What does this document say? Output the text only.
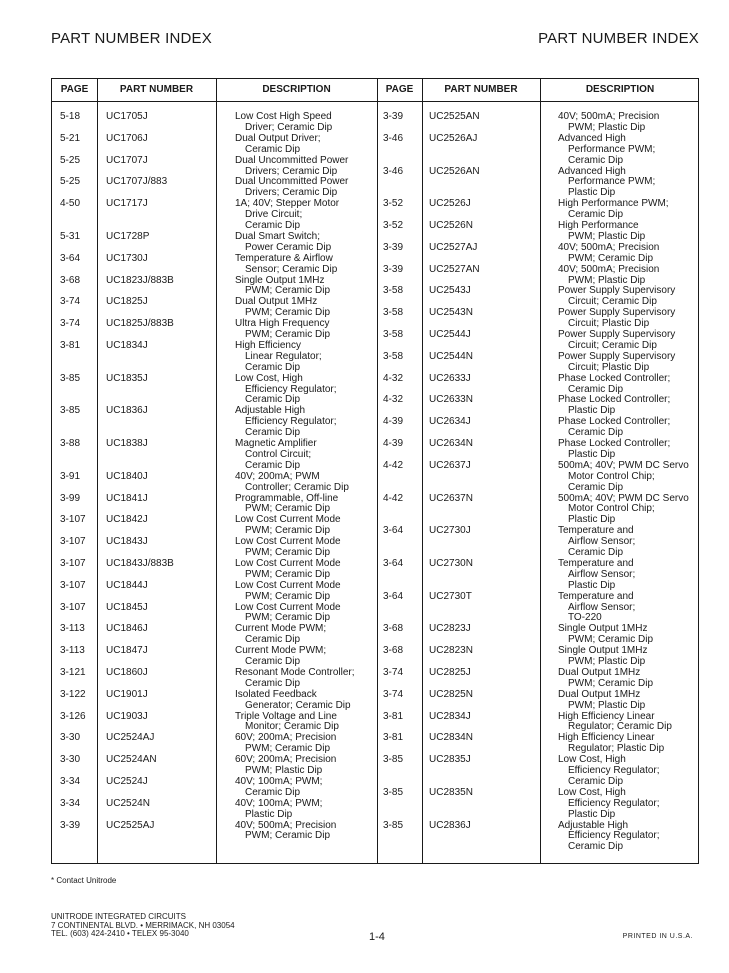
PART NUMBER INDEX	PART NUMBER INDEX
PAGE	PART NUMBER	DESCRIPTION	PAGE	PART NUMBER	DESCRIPTION
5-18	UC1705J	Low Cost High Speed
Driver; Ceramic Dip
5-21	UC1706J	Dual Output Driver;
Ceramic Dip
5-25	UC1707J	Dual Uncommitted Power
Drivers; Ceramic Dip
5-25	UC1707J/883	Dual Uncommitted Power
Drivers; Ceramic Dip
4-50	UC1717J	1A; 40V; Stepper Motor
Drive Circuit;
Ceramic Dip
5-31	UC1728P	Dual Smart Switch;
Power Ceramic Dip
3-64	UC1730J	Temperature & Airflow
Sensor; Ceramic Dip
3-68	UC1823J/883B	Single Output 1MHz
PWM; Ceramic Dip
3-74	UC1825J	Dual Output 1MHz
PWM; Ceramic Dip
3-74	UC1825J/883B	Ultra High Frequency
PWM; Ceramic Dip
3-81	UC1834J	High Efficiency
Linear Regulator;
Ceramic Dip
3-85	UC1835J	Low Cost, High
Efficiency Regulator;
Ceramic Dip
3-85	UC1836J	Adjustable High
Efficiency Regulator;
Ceramic Dip
3-88	UC1838J	Magnetic Amplifier
Control Circuit;
Ceramic Dip
3-91	UC1840J	40V; 200mA; PWM
Controller; Ceramic Dip
3-99	UC1841J	Programmable, Off-line
PWM; Ceramic Dip
3-107 UC1842J	Low Cost Current Mode
PWM; Ceramic Dip
3-107 UC1843J	Low Cost Current Mode
PWM; Ceramic Dip
3-107 UC1843J/883B	Low Cost Current Mode
PWM; Ceramic Dip
3-107 UC1844J	Low Cost Current Mode
PWM; Ceramic Dip
3-107 UC1845J	Low Cost Current Mode
PWM; Ceramic Dip
3-113 UC1846J	Current Mode PWM;
Ceramic Dip
3-113 UC1847J	Current Mode PWM;
Ceramic Dip
3-121 UC1860J	Resonant Mode Controller;
Ceramic Dip
3-122 UC1901J	Isolated Feedback
Generator; Ceramic Dip
3-126 UC1903J	Triple Voltage and Line
Monitor; Ceramic Dip
3-30	UC2524AJ	60V; 200mA; Precision
PWM; Ceramic Dip
3-30	UC2524AN	60V; 200mA; Precision
PWM; Plastic Dip
3-34	UC2524J	40V; 100mA; PWM;
Ceramic Dip
3-34	UC2524N	40V; 100mA; PWM;
Plastic Dip
3-39	UC2525AJ	40V; 500mA; Precision
PWM; Ceramic Dip
3-39	UC2525AN	40V; 500mA; Precision
PWM; Plastic Dip
3-46	UC2526AJ	Advanced High
Performance PWM;
Ceramic Dip
3-46	UC2526AN	Advanced High
Performance PWM;
Plastic Dip
3-52	UC2526J	High Performance PWM;
Ceramic Dip
3-52	UC2526N	High Performance
PWM; Plastic Dip
3-39	UC2527AJ	40V; 500mA; Precision
PWM; Ceramic Dip
3-39	UC2527AN	40V; 500mA; Precision
PWM; Plastic Dip
3-58	UC2543J	Power Supply Supervisory
Circuit; Ceramic Dip
3-58	UC2543N	Power Supply Supervisory
Circuit; Plastic Dip
3-58	UC2544J	Power Supply Supervisory
Circuit; Ceramic Dip
3-58	UC2544N	Power Supply Supervisory
Circuit; Plastic Dip
4-32	UC2633J	Phase Locked Controller;
Ceramic Dip
4-32	UC2633N	Phase Locked Controller;
Plastic Dip
4-39	UC2634J	Phase Locked Controller;
Ceramic Dip
4-39	UC2634N	Phase Locked Controller;
Plastic Dip
4-42	UC2637J	500mA; 40V; PWM DC Servo
Motor Control Chip;
Ceramic Dip
4-42	UC2637N	500mA; 40V; PWM DC Servo
Motor Control Chip;
Plastic Dip
3-64	UC2730J	Temperature and
Airflow Sensor;
Ceramic Dip
3-64	UC2730N	Temperature and
Airflow Sensor;
Plastic Dip
3-64	UC2730T	Temperature and
Airflow Sensor;
TO-220
3-68	UC2823J	Single Output 1MHz
PWM; Ceramic Dip
3-68	UC2823N	Single Output 1MHz
PWM; Plastic Dip
3-74	UC2825J	Dual Output 1MHz
PWM; Ceramic Dip
3-74	UC2825N	Dual Output 1MHz
PWM; Plastic Dip
3-81	UC2834J	High Efficiency Linear
Regulator; Ceramic Dip
3-81	UC2834N	High Efficiency Linear
Regulator; Plastic Dip
3-85	UC2835J	Low Cost, High
Efficiency Regulator;
Ceramic Dip
3-85	UC2835N	Low Cost, High
Efficiency Regulator;
Plastic Dip
3-85	UC2836J	Adjustable High
Efficiency Regulator;
Ceramic Dip
* Contact Unitrode
UNITRODE INTEGRATED CIRCUITS
7 CONTINENTAL BLVD. • MERRIMACK, NH 03054
TEL. (603) 424-2410 • TELEX 95-3040	1-4	PRINTED IN U.S.A.
